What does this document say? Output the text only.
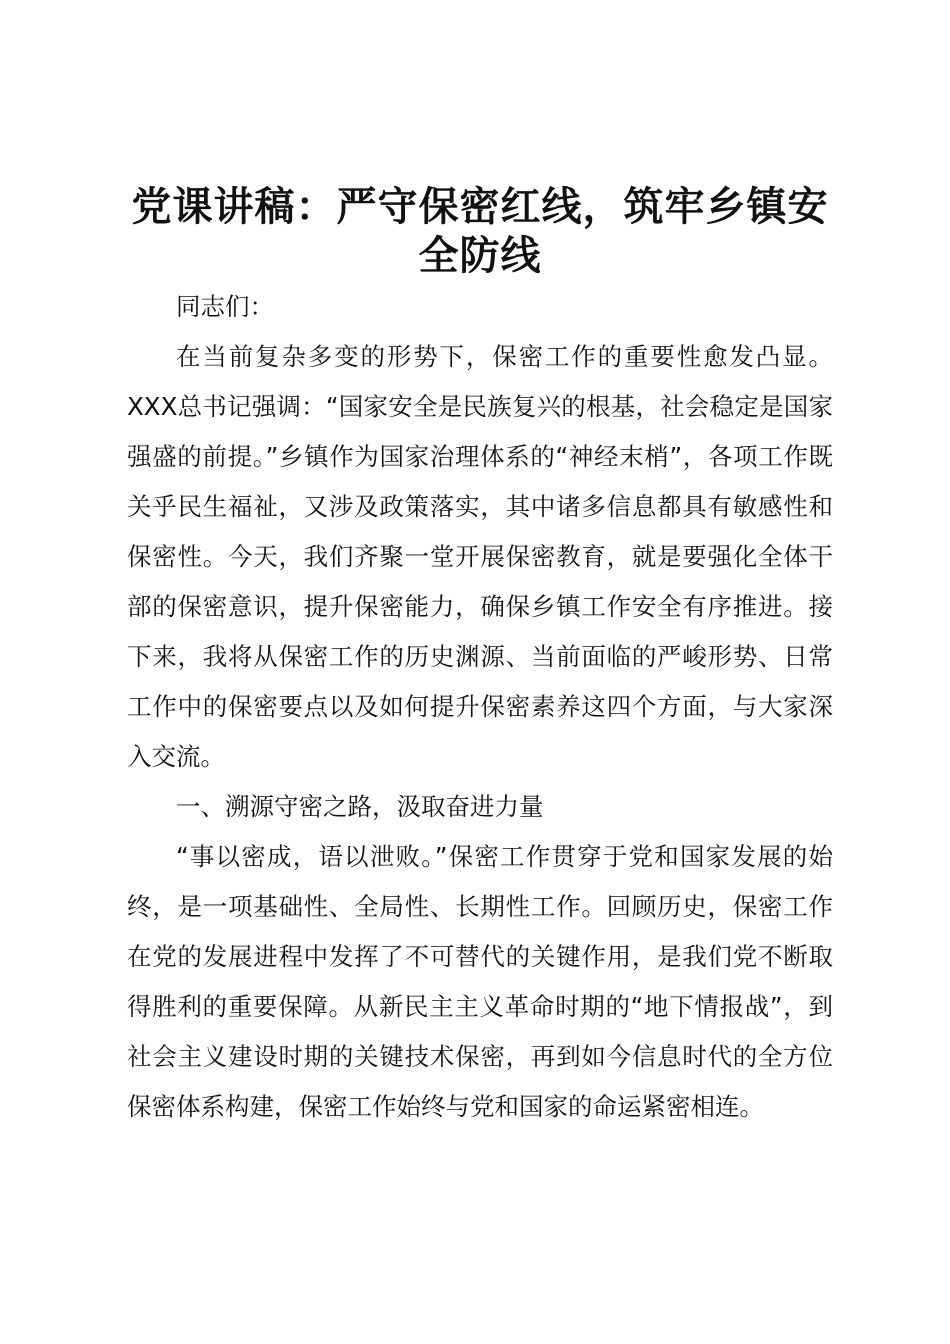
党课讲稿：严守保密红线，筑牢乡镇安全防线

同志们：

在当前复杂多变的形势下，保密工作的重要性愈发凸显。XXX总书记强调：“国家安全是民族复兴的根基，社会稳定是国家强盛的前提。”乡镇作为国家治理体系的“神经末梢”，各项工作既关乎民生福祉，又涉及政策落实，其中诸多信息都具有敏感性和保密性。今天，我们齐聚一堂开展保密教育，就是要强化全体干部的保密意识，提升保密能力，确保乡镇工作安全有序推进。接下来，我将从保密工作的历史渊源、当前面临的严峻形势、日常工作中的保密要点以及如何提升保密素养这四个方面，与大家深入交流。

一、溯源守密之路，汲取奋进力量

“事以密成，语以泄败。”保密工作贯穿于党和国家发展的始终，是一项基础性、全局性、长期性工作。回顾历史，保密工作在党的发展进程中发挥了不可替代的关键作用，是我们党不断取得胜利的重要保障。从新民主主义革命时期的“地下情报战”，到社会主义建设时期的关键技术保密，再到如今信息时代的全方位保密体系构建，保密工作始终与党和国家的命运紧密相连。
